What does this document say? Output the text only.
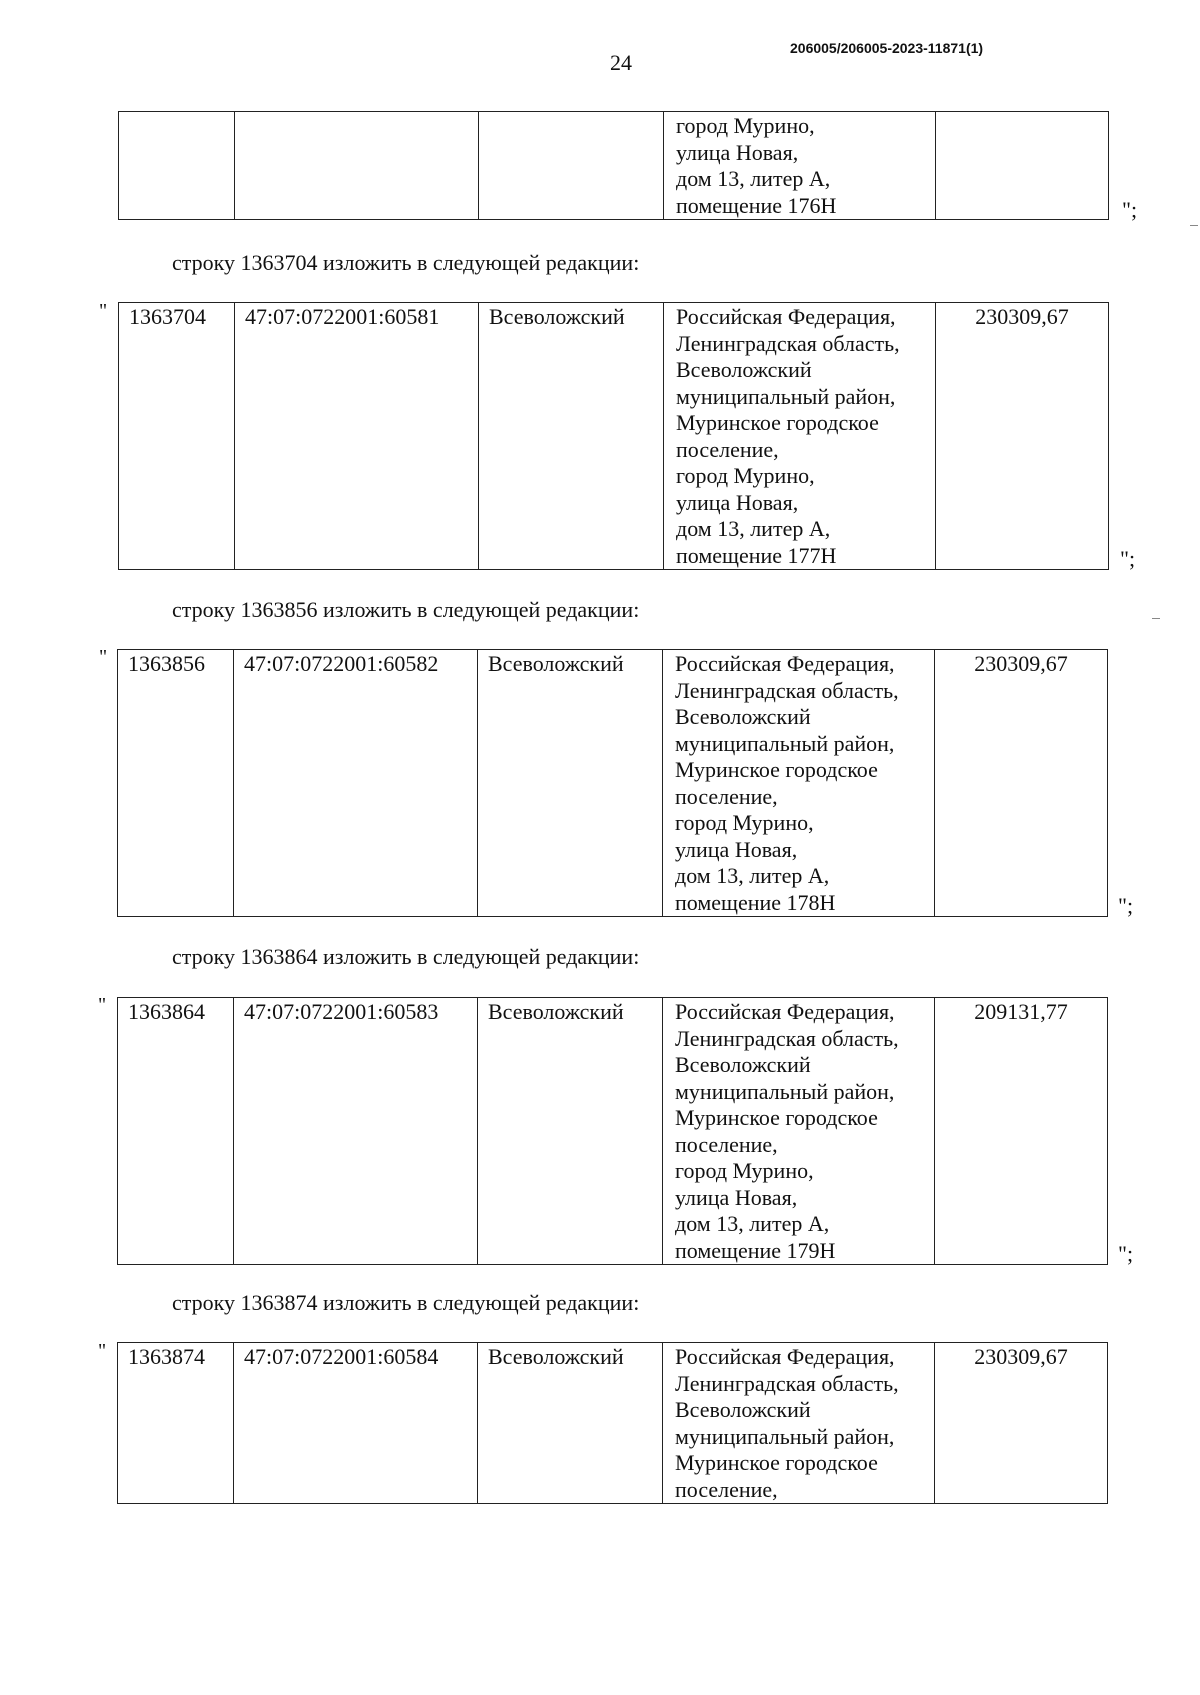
24
206005/206005-2023-11871(1)

город Мурино,
улица Новая,
дом 13, литер А,
помещение 176Н
		";
строку 1363704 изложить в следующей редакции:
" 1363704	47:07:0722001:60581	Всеволожский	Российская Федерация,
Ленинградская область,
Всеволожский
муниципальный район,
Муринское городское
поселение,
город Мурино,
улица Новая,
дом 13, литер А,
помещение 177Н
	230309,67
";
строку 1363856 изложить в следующей редакции:
" 1363856	47:07:0722001:60582	Всеволожский	Российская Федерация,
Ленинградская область,
Всеволожский
муниципальный район,
Муринское городское
поселение,
город Мурино,
улица Новая,
дом 13, литер А,
помещение 178Н
	230309,67
";
строку 1363864 изложить в следующей редакции:
" 1363864	47:07:0722001:60583	Всеволожский	Российская Федерация,
Ленинградская область,
Всеволожский
муниципальный район,
Муринское городское
поселение,
город Мурино,
улица Новая,
дом 13, литер А,
помещение 179Н
	209131,77
";
строку 1363874 изложить в следующей редакции:
" 1363874	47:07:0722001:60584	Всеволожский	Российская Федерация,
Ленинградская область,
Всеволожский
муниципальный район,
Муринское городское
поселение,
	230309,67
